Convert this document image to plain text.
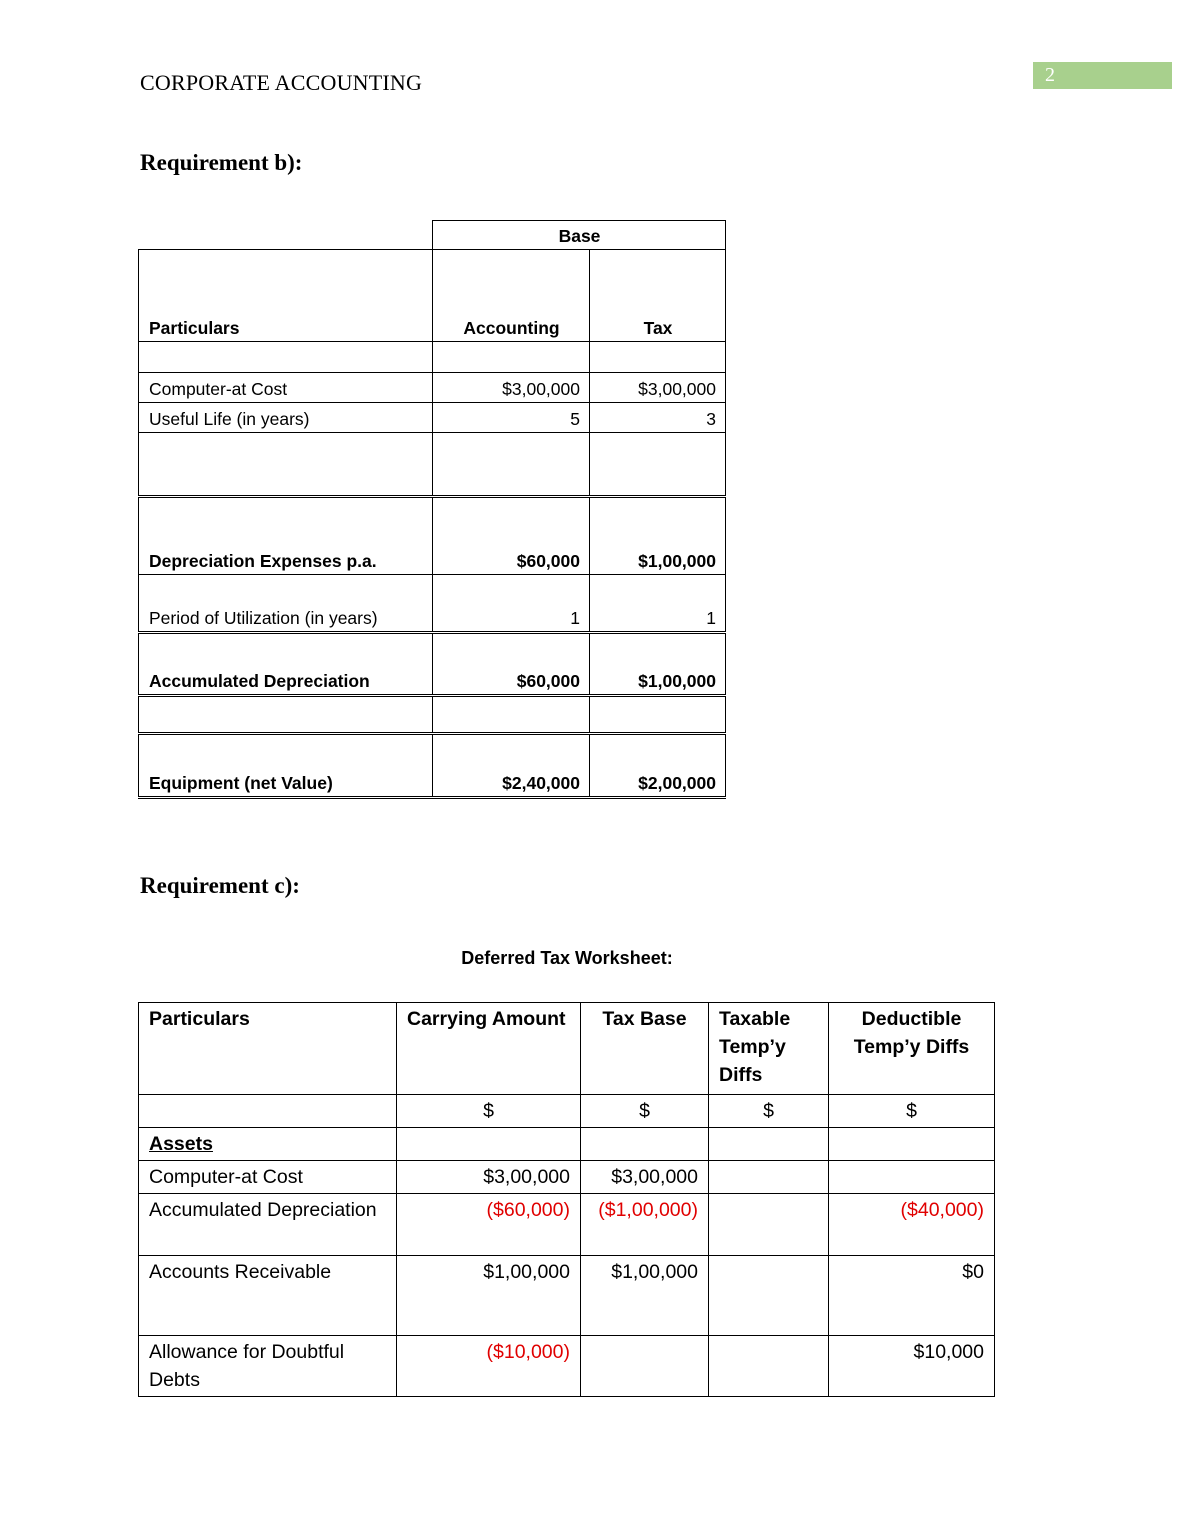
CORPORATE ACCOUNTING	2
Requirement b):
	Base	
Particulars	Accounting	Tax

Computer-at Cost	$3,00,000	$3,00,000
Useful Life (in years)	5	3

Depreciation Expenses p.a.	$60,000	$1,00,000
Period of Utilization (in years)	1	1
Accumulated Depreciation	$60,000	$1,00,000

Equipment (net Value)	$2,40,000	$2,00,000
Requirement c):
Deferred Tax Worksheet:
Particulars	Carrying Amount	Tax Base	Taxable Temp’y Diffs	Deductible Temp’y Diffs
	$	$	$	$
Assets				
Computer-at Cost	$3,00,000	$3,00,000		
Accumulated Depreciation	($60,000)	($1,00,000)		($40,000)
Accounts Receivable	$1,00,000	$1,00,000		$0
Allowance for Doubtful Debts	($10,000)			$10,000
